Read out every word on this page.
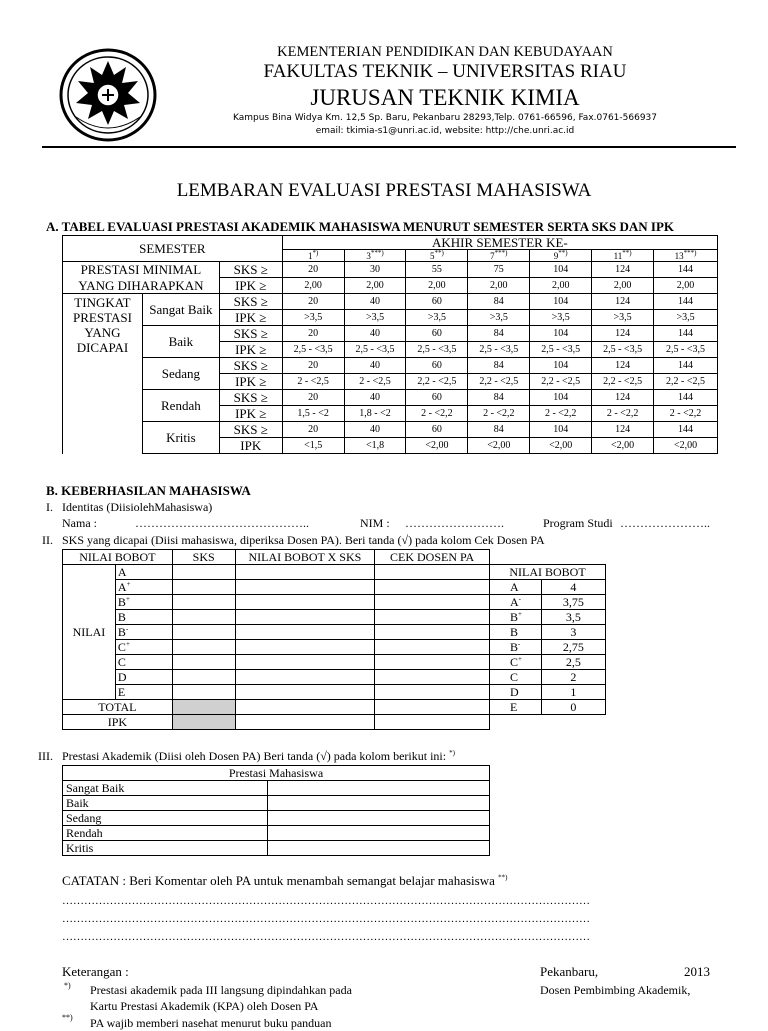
KEMENTERIAN PENDIDIKAN DAN KEBUDAYAAN
FAKULTAS TEKNIK – UNIVERSITAS RIAU
JURUSAN TEKNIK KIMIA
Kampus Bina Widya Km. 12,5 Sp. Baru, Pekanbaru 28293,Telp. 0761-66596, Fax.0761-566937
email: tkimia-s1@unri.ac.id, website: http://che.unri.ac.id
LEMBARAN EVALUASI PRESTASI MAHASISWA
A. TABEL EVALUASI PRESTASI AKADEMIK MAHASISWA MENURUT SEMESTER SERTA SKS DAN IPK
SEMESTER			AKHIR SEMESTER KE-						
			1*)	3***)	5**)	7***)	9**)	11**)	13***)
PRESTASI MINIMAL		SKS ≥	20	30	55	75	104	124	144
YANG DIHARAPKAN		IPK ≥	2,00	2,00	2,00	2,00	2,00	2,00	2,00

TINGKAT
PRESTASI
YANG
DICAPAI	Sangat Baik	SKS ≥	20	40	60	84	104	124	144
		IPK ≥	>3,5	>3,5	>3,5	>3,5	>3,5	>3,5	>3,5
	Baik	SKS ≥	20	40	60	84	104	124	144
		IPK ≥	2,5 - <3,5	2,5 - <3,5	2,5 - <3,5	2,5 - <3,5	2,5 - <3,5	2,5 - <3,5	2,5 - <3,5
	Sedang	SKS ≥	20	40	60	84	104	124	144
		IPK ≥	2 - <2,5	2 - <2,5	2,2 - <2,5	2,2 - <2,5	2,2 - <2,5	2,2 - <2,5	2,2 - <2,5
	Rendah	SKS ≥	20	40	60	84	104	124	144
		IPK ≥	1,5 - <2	1,8 - <2	2 - <2,2	2 - <2,2	2 - <2,2	2 - <2,2	2 - <2,2
	Kritis	SKS ≥	20	40	60	84	104	124	144
		IPK	<1,5	<1,8	<2,00	<2,00	<2,00	<2,00	<2,00
B. KEBERHASILAN MAHASISWA
I. Identitas (DiisiolehMahasiswa)
Nama :	……………………………………..	NIM : …………………….	Program Studi …………………..
II. SKS yang dicapai (Diisi mahasiswa, diperiksa Dosen PA). Beri tanda (√) pada kolom Cek Dosen PA
NILAI BOBOT		SKS	NILAI BOBOT X SKS	CEK DOSEN PA
NILAI	A			
	A+			
	B+			
	B			
	B-			
	C+			
	C			
	D			
	E			
TOTAL				
IPK				
NILAI BOBOT	
A	4
A-	3,75
B+	3,5
B	3
B-	2,75
C+	2,5
C	2
D	1
E	0
III. Prestasi Akademik (Diisi oleh Dosen PA) Beri tanda (√) pada kolom berikut ini: *)
Prestasi Mahasiswa	
Sangat Baik	
Baik	
Sedang	
Rendah	
Kritis	
CATATAN : Beri Komentar oleh PA untuk menambah semangat belajar mahasiswa **)
………………………………………………………………………………………………………………………………
………………………………………………………………………………………………………………………………
………………………………………………………………………………………………………………………………
Keterangan :
*) Prestasi akademik pada III langsung dipindahkan pada
Kartu Prestasi Akademik (KPA) oleh Dosen PA
**) PA wajib memberi nasehat menurut buku panduan
Pekanbaru,	2013
Dosen Pembimbing Akademik,
